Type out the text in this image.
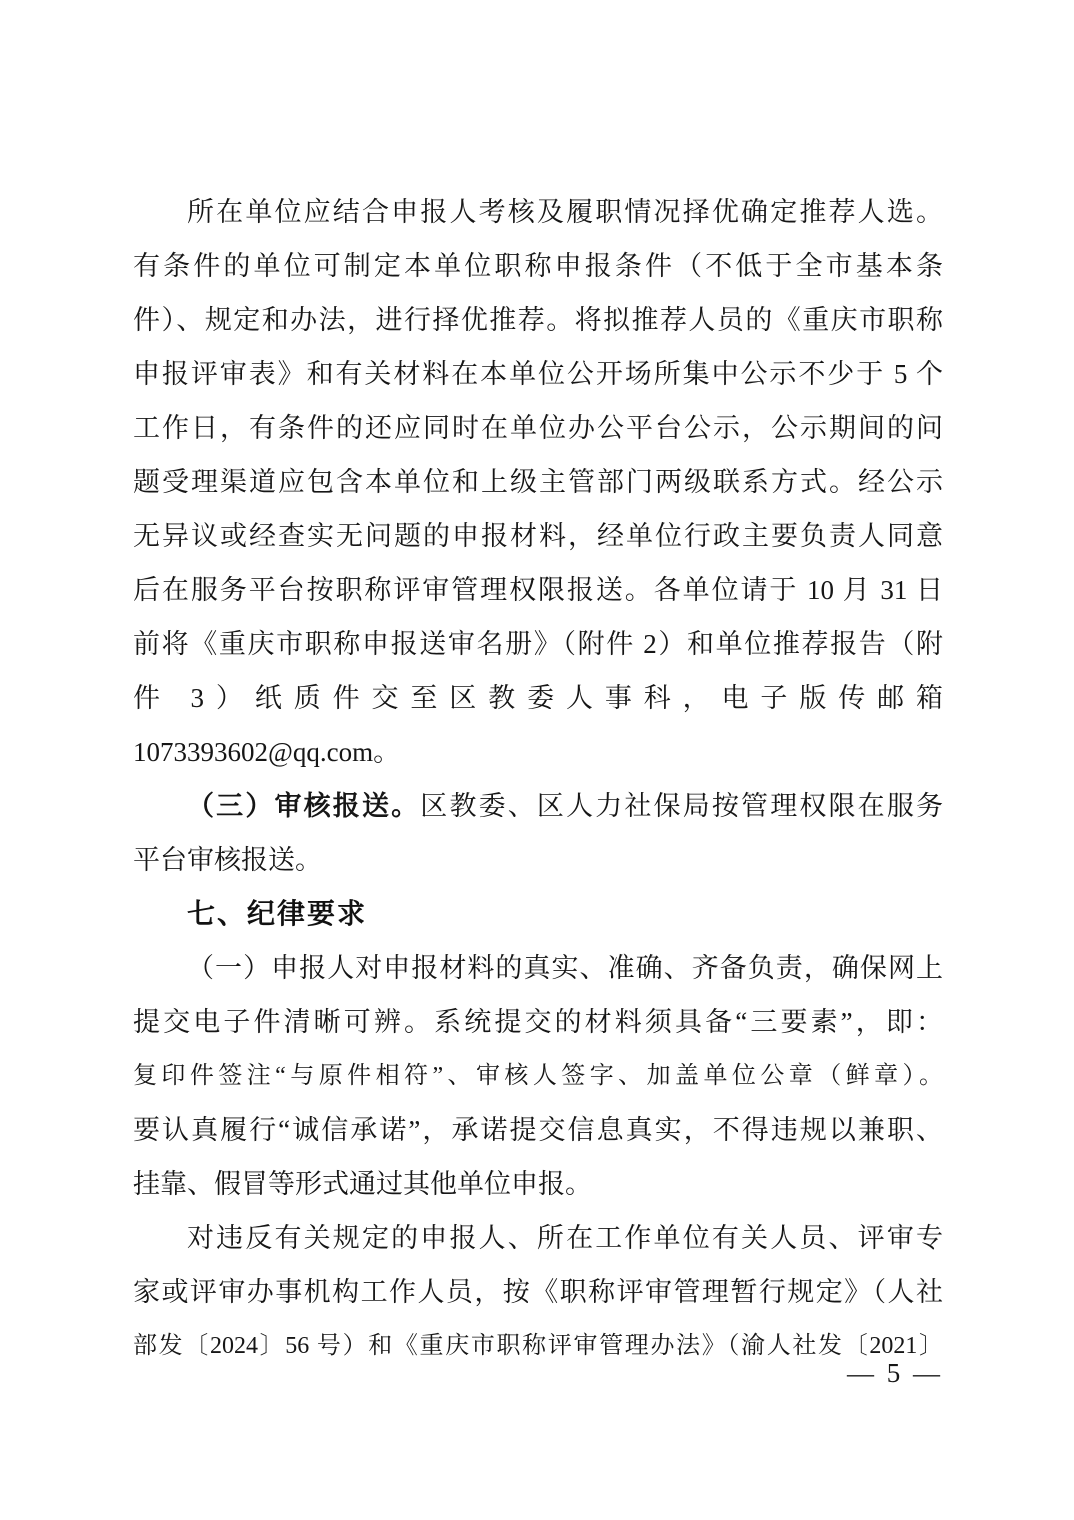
所在单位应结合申报人考核及履职情况择优确定推荐人选。
有条件的单位可制定本单位职称申报条件（不低于全市基本条
件）、规定和办法，进行择优推荐。将拟推荐人员的《重庆市职称
申报评审表》和有关材料在本单位公开场所集中公示不少于 5 个
工作日，有条件的还应同时在单位办公平台公示，公示期间的问
题受理渠道应包含本单位和上级主管部门两级联系方式。经公示
无异议或经查实无问题的申报材料，经单位行政主要负责人同意
后在服务平台按职称评审管理权限报送。各单位请于 10 月 31 日
前将《重庆市职称申报送审名册》（附件 2）和单位推荐报告（附
件 3）纸质件交至区教委人事科，电子版传邮箱
1073393602@qq.com。
（三）审核报送。区教委、区人力社保局按管理权限在服务
平台审核报送。
七、纪律要求
（一）申报人对申报材料的真实、准确、齐备负责，确保网上
提交电子件清晰可辨。系统提交的材料须具备“三要素”，即：
复印件签注“与原件相符”、审核人签字、加盖单位公章（鲜章）。
要认真履行“诚信承诺”，承诺提交信息真实，不得违规以兼职、
挂靠、假冒等形式通过其他单位申报。
对违反有关规定的申报人、所在工作单位有关人员、评审专
家或评审办事机构工作人员，按《职称评审管理暂行规定》（人社
部发〔2024〕56 号）和《重庆市职称评审管理办法》（渝人社发〔2021〕
— 5 —
